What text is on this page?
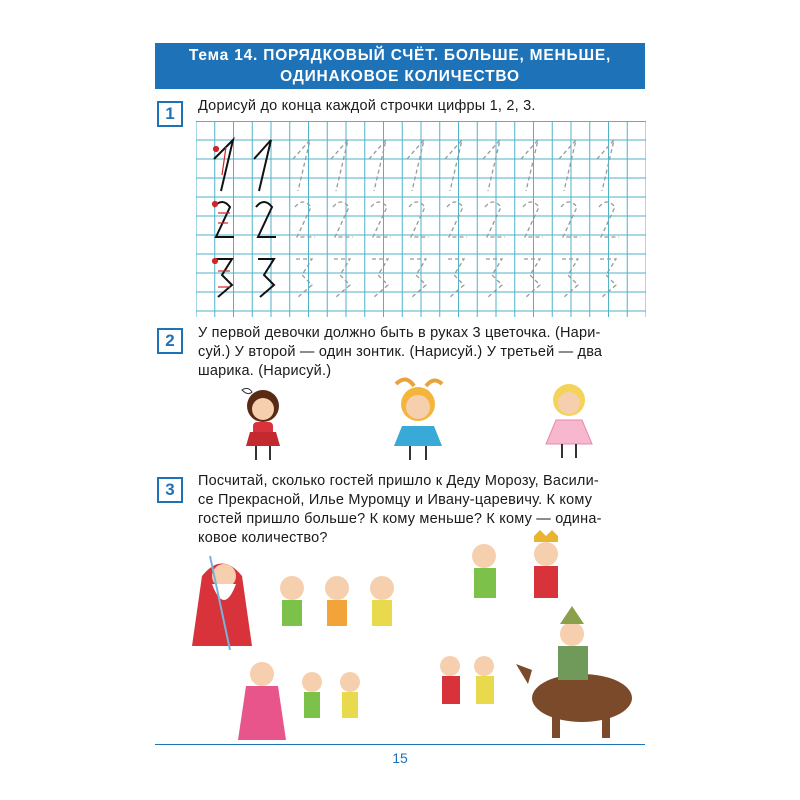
Тема 14. ПОРЯДКОВЫЙ СЧЁТ. БОЛЬШЕ, МЕНЬШЕ,
ОДИНАКОВОЕ КОЛИЧЕСТВО
1	Дорисуй до конца каждой строчки цифры 1, 2, 3.
2	У первой девочки должно быть в руках 3 цветочка. (Нари-
суй.) У второй — один зонтик. (Нарисуй.) У третьей — два
шарика. (Нарисуй.)
3	Посчитай, сколько гостей пришло к Деду Морозу, Васили-
се Прекрасной, Илье Муромцу и Ивану-царевичу. К кому
гостей пришло больше? К кому меньше? К кому — одина-
ковое количество?
15
